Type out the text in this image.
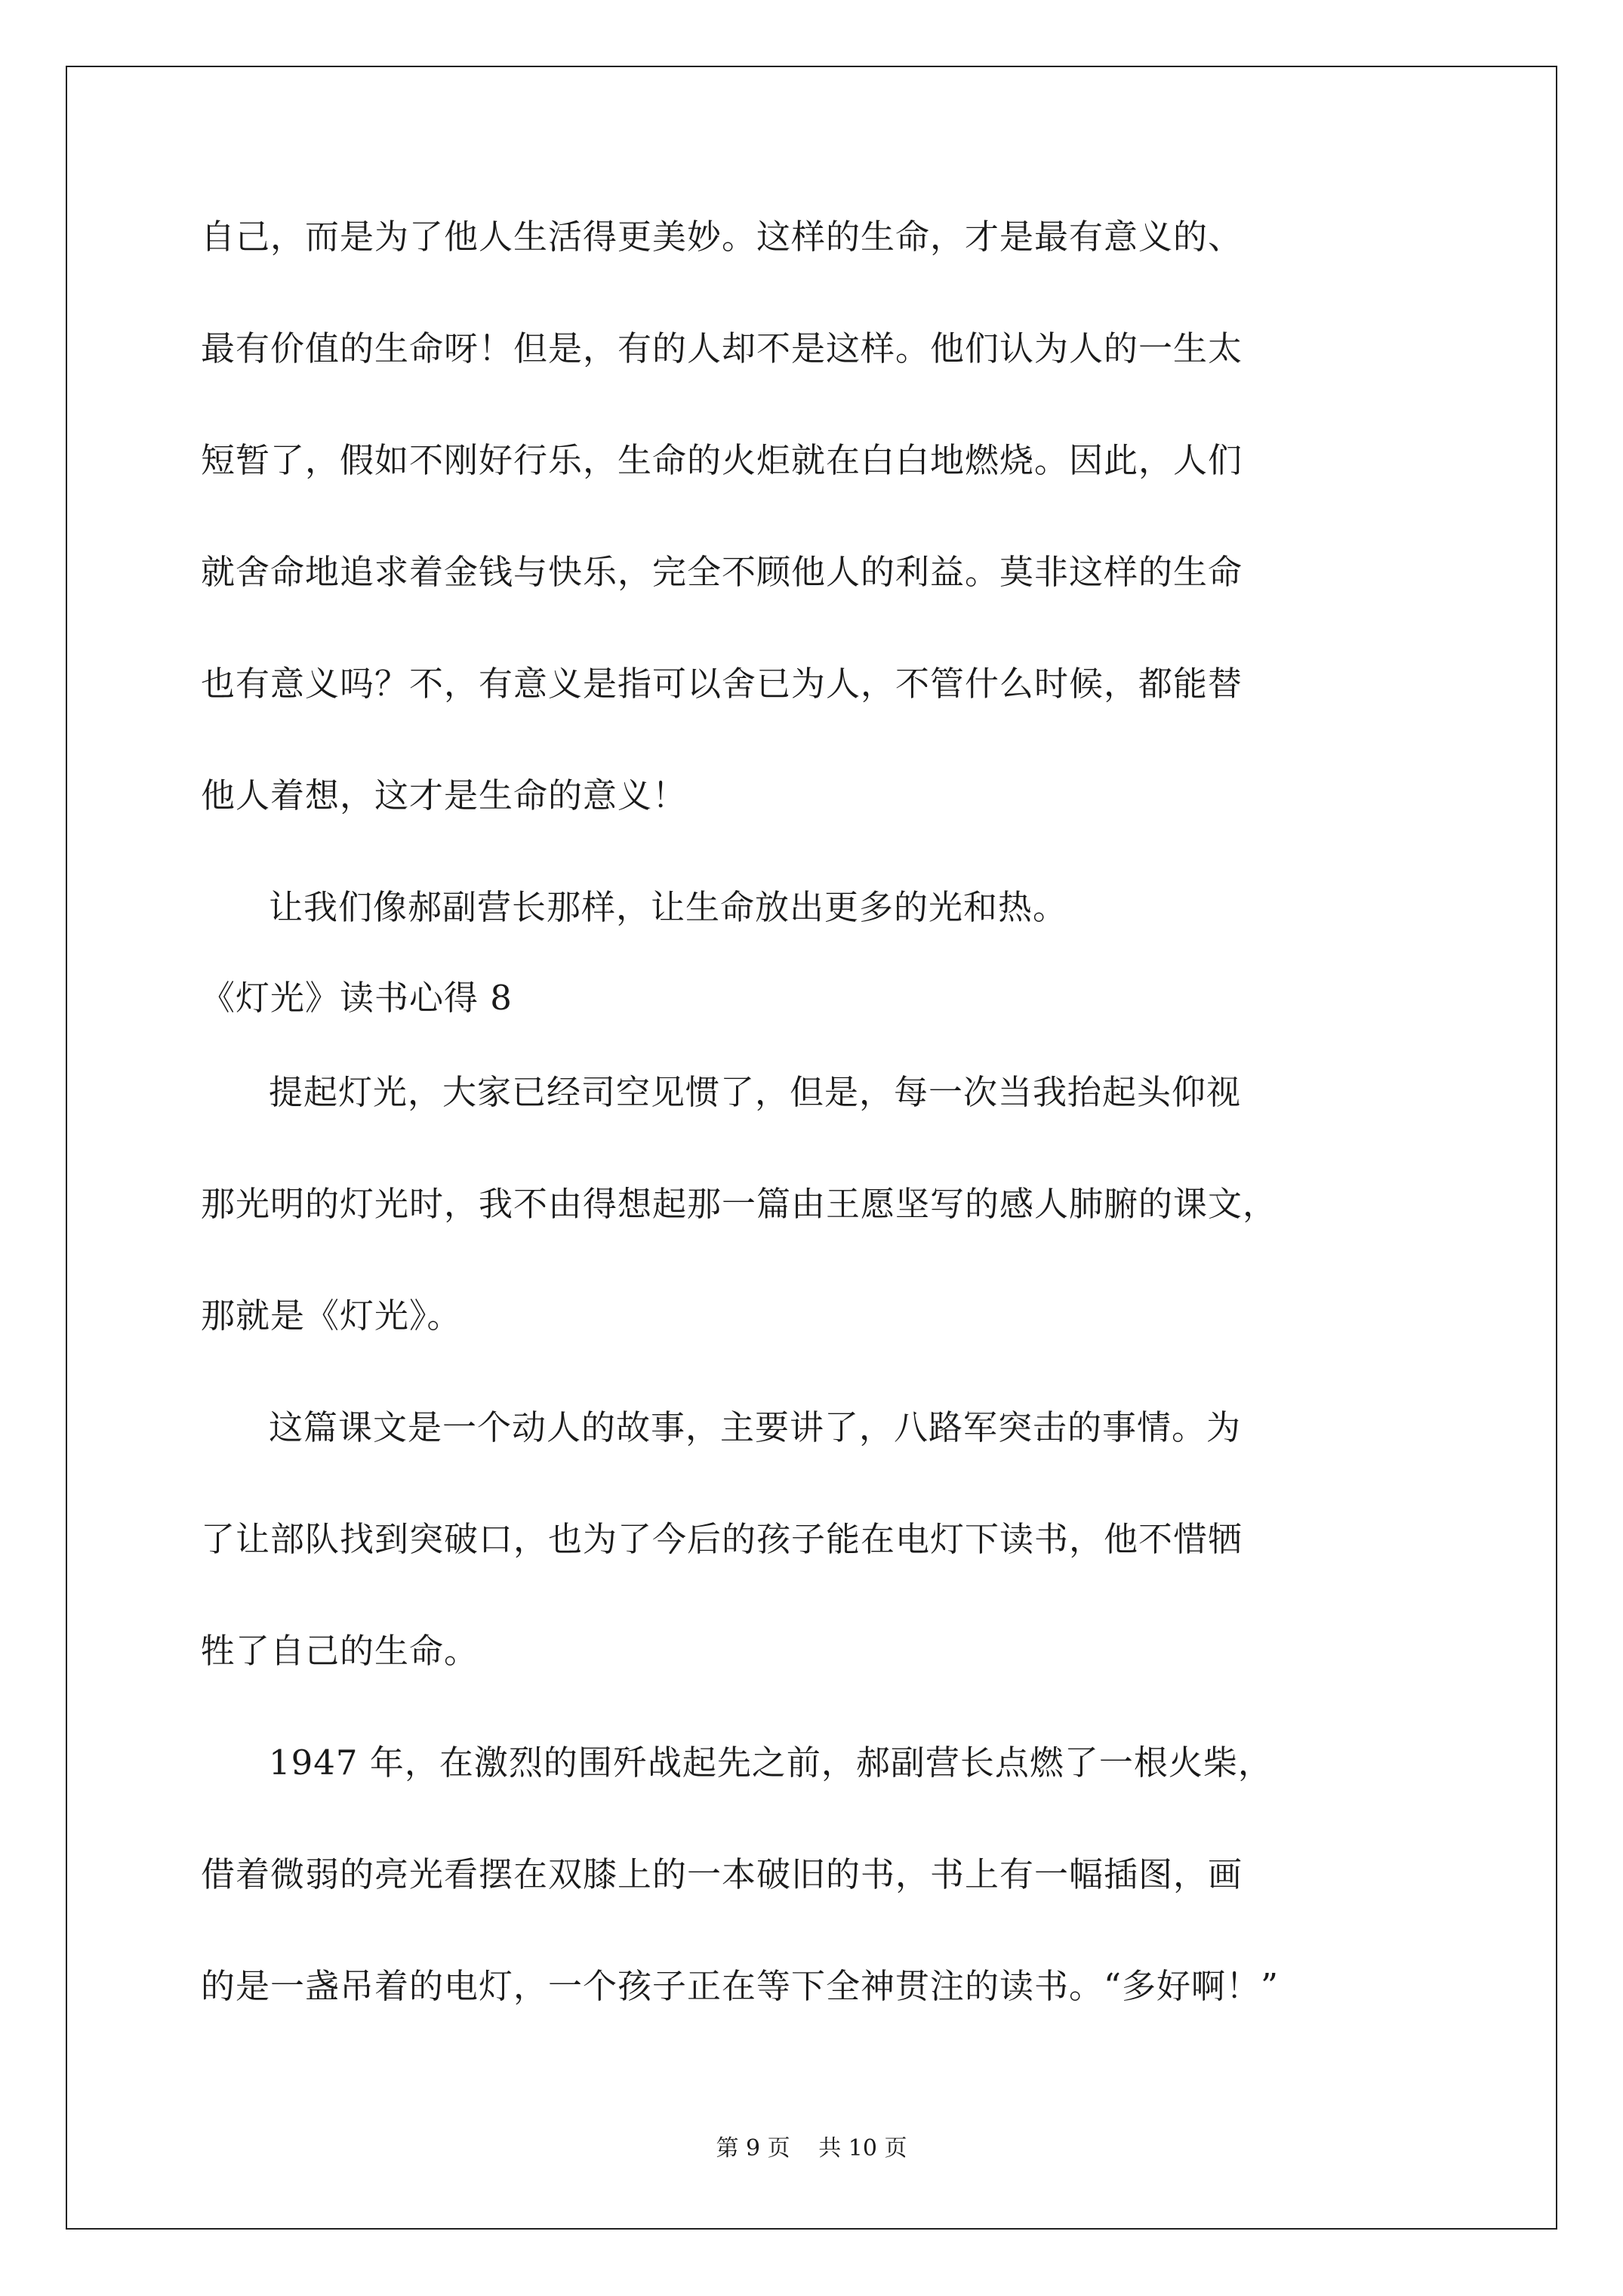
自己，而是为了他人生活得更美妙。这样的生命，才是最有意义的、
最有价值的生命呀！但是，有的人却不是这样。他们认为人的一生太
短暂了，假如不刚好行乐，生命的火炬就在白白地燃烧。因此，人们
就舍命地追求着金钱与快乐，完全不顾他人的利益。莫非这样的生命
也有意义吗？不，有意义是指可以舍已为人，不管什么时候，都能替
他人着想，这才是生命的意义！
让我们像郝副营长那样，让生命放出更多的光和热。
《灯光》读书心得 8
提起灯光，大家已经司空见惯了，但是，每一次当我抬起头仰视
那光明的灯光时，我不由得想起那一篇由王愿坚写的感人肺腑的课文，
那就是《灯光》。
这篇课文是一个动人的故事，主要讲了，八路军突击的事情。为
了让部队找到突破口，也为了今后的孩子能在电灯下读书，他不惜牺
牲了自己的生命。
1947 年，在激烈的围歼战起先之前，郝副营长点燃了一根火柴，
借着微弱的亮光看摆在双膝上的一本破旧的书，书上有一幅插图，画
的是一盏吊着的电灯，一个孩子正在等下全神贯注的读书。“多好啊！”
第 9 页 共 10 页
